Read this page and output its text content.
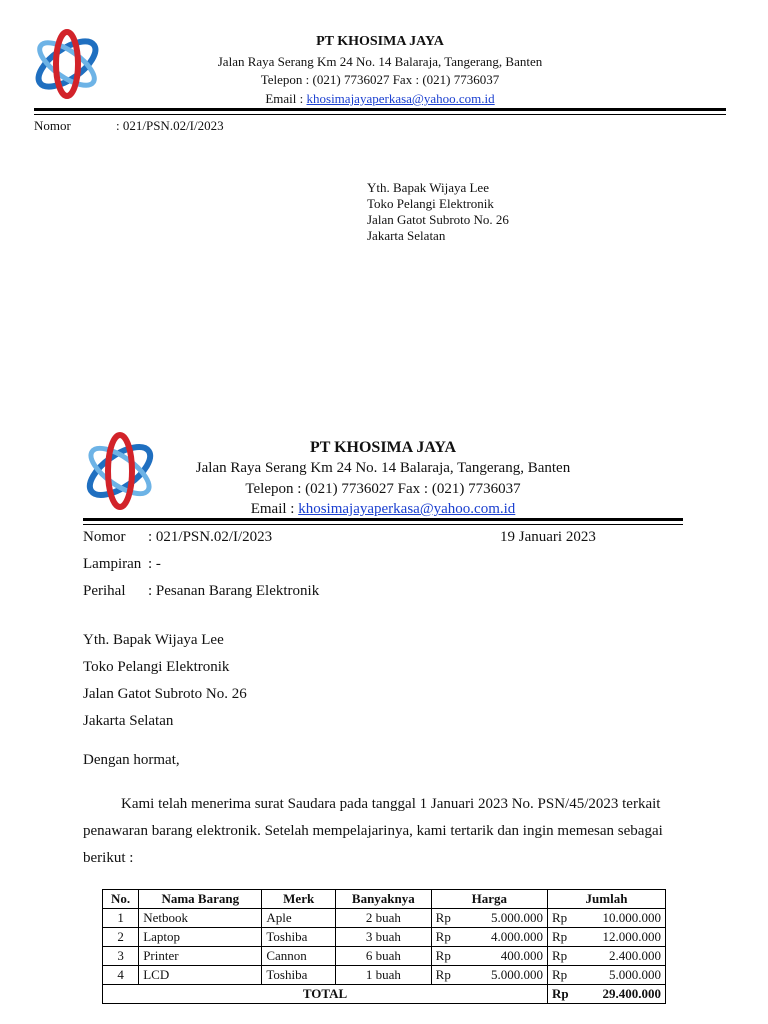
PT KHOSIMA JAYA
Jalan Raya Serang Km 24 No. 14 Balaraja, Tangerang, Banten
Telepon : (021) 7736027 Fax : (021) 7736037
Email : khosimajayaperkasa@yahoo.com.id
Nomor	: 021/PSN.02/I/2023
Yth. Bapak Wijaya Lee
Toko Pelangi Elektronik
Jalan Gatot Subroto No. 26
Jakarta Selatan
PT KHOSIMA JAYA
Jalan Raya Serang Km 24 No. 14 Balaraja, Tangerang, Banten
Telepon : (021) 7736027 Fax : (021) 7736037
Email : khosimajayaperkasa@yahoo.com.id
Nomor : 021/PSN.02/I/2023	19 Januari 2023
Lampiran : -
Perihal : Pesanan Barang Elektronik
Yth. Bapak Wijaya Lee
Toko Pelangi Elektronik
Jalan Gatot Subroto No. 26
Jakarta Selatan
Dengan hormat,
Kami telah menerima surat Saudara pada tanggal 1 Januari 2023 No. PSN/45/2023 terkait
penawaran barang elektronik. Setelah mempelajarinya, kami tertarik dan ingin memesan sebagai
berikut :
No.	Nama Barang	Merk	Banyaknya	Harga		Jumlah	
1	Netbook	Aple	2 buah	Rp	5.000.000	Rp	10.000.000
2	Laptop	Toshiba	3 buah	Rp	4.000.000	Rp	12.000.000
3	Printer	Cannon	6 buah	Rp	400.000	Rp	2.400.000
4	LCD	Toshiba	1 buah	Rp	5.000.000	Rp	5.000.000
TOTAL						Rp	29.400.000
